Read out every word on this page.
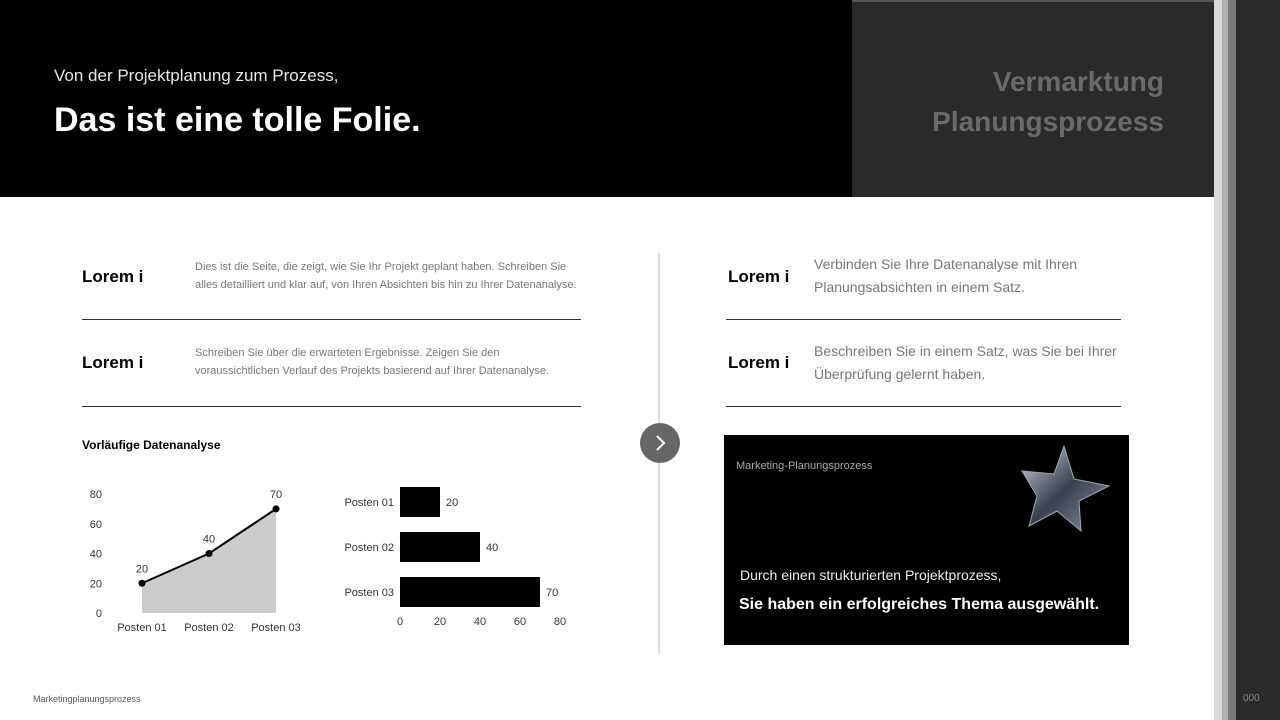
Von der Projektplanung zum Prozess,
Das ist eine tolle Folie.
Vermarktung
Planungsprozess
000
Lorem i	Dies ist die Seite, die zeigt, wie Sie Ihr Projekt geplant haben. Schreiben Sie alles detailliert und klar auf, von Ihren Absichten bis hin zu Ihrer Datenanalyse.
Lorem i	Schreiben Sie über die erwarteten Ergebnisse. Zeigen Sie den voraussichtlichen Verlauf des Projekts basierend auf Ihrer Datenanalyse.
Lorem i
Verbinden Sie Ihre Datenanalyse mit Ihren Planungsabsichten in einem Satz.
Lorem i
Beschreiben Sie in einem Satz, was Sie bei Ihrer Überprüfung gelernt haben.
Vorläufige Datenanalyse
20
40
70
0
20
40
60
80
Posten 01 Posten 02 Posten 03
Posten 01	20
Posten 02	40
Posten 03	70
0	20	40	60	80
Marketing-Planungsprozess
Durch einen strukturierten Projektprozess,
Sie haben ein erfolgreiches Thema ausgewählt.
Marketingplanungsprozess
